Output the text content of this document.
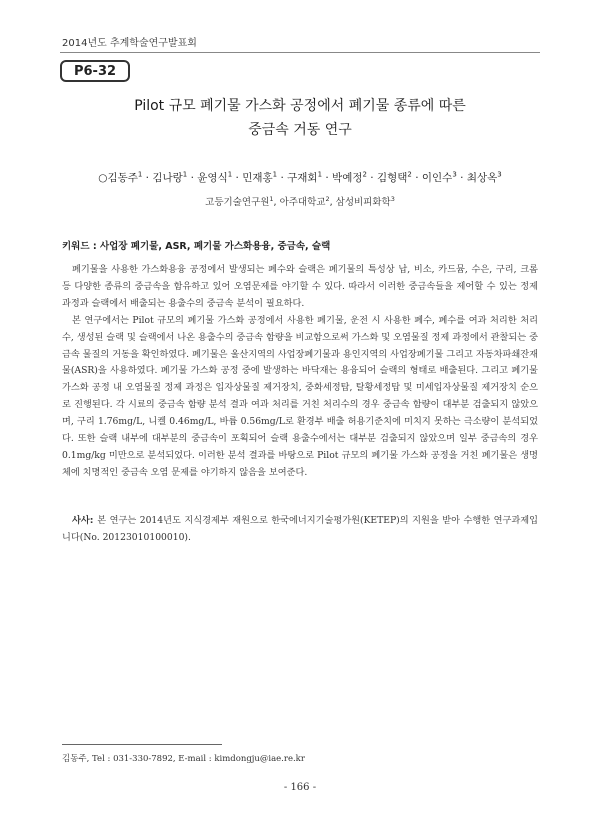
2014년도 추계학술연구발표회
P6-32
Pilot 규모 폐기물 가스화 공정에서 폐기물 종류에 따른
중금속 거동 연구
○김동주$^1$ · 김나랑$^1$ · 윤영식$^1$ · 민재홍$^1$ · 구재회$^1$ · 박예정$^2$ · 김형택$^2$ · 이인수$^3$ · 최상옥$^3$
고등기술연구원$^1$, 아주대학교$^2$, 삼성비피화학$^3$
키워드 : 사업장 폐기물, ASR, 폐기물 가스화용융, 중금속, 슬랙

폐기물을 사용한 가스화용융 공정에서 발생되는 폐수와 슬랙은 폐기물의 특성상 납, 비소, 카드뮴, 수은, 구리, 크롬 등 다양한 종류의 중금속을 함유하고 있어 오염문제를 야기할 수 있다. 따라서 이러한 중금속들을 제어할 수 있는 정제 과정과 슬랙에서 배출되는 용출수의 중금속 분석이 필요하다.

본 연구에서는 Pilot 규모의 폐기물 가스화 공정에서 사용한 폐기물, 운전 시 사용한 폐수, 폐수를 여과 처리한 처리수, 생성된 슬랙 및 슬랙에서 나온 용출수의 중금속 함량을 비교함으로써 가스화 및 오염물질 정제 과정에서 관찰되는 중금속 물질의 거동을 확인하였다. 폐기물은 울산지역의 사업장폐기물과 용인지역의 사업장폐기물 그리고 자동차파쇄잔재물(ASR)을 사용하였다. 폐기물 가스화 공정 중에 발생하는 바닥재는 용융되어 슬랙의 형태로 배출된다. 그리고 폐기물 가스화 공정 내 오염물질 정제 과정은 입자상물질 제거장치, 중화세정탑, 탈황세정탑 및 미세입자상물질 제거장치 순으로 진행된다. 각 시료의 중금속 함량 분석 결과 여과 처리를 거친 처리수의 경우 중금속 함량이 대부분 검출되지 않았으며, 구리 1.76mg/L, 니켈 0.46mg/L, 바륨 0.56mg/L로 환경부 배출 허용기준치에 미치지 못하는 극소량이 분석되었다. 또한 슬랙 내부에 대부분의 중금속이 포획되어 슬랙 용출수에서는 대부분 검출되지 않았으며 일부 중금속의 경우 0.1mg/kg 미만으로 분석되었다. 이러한 분석 결과를 바탕으로 Pilot 규모의 폐기물 가스화 공정을 거친 폐기물은 생명체에 치명적인 중금속 오염 문제를 야기하지 않음을 보여준다.

사사: 본 연구는 2014년도 지식경제부 재원으로 한국에너지기술평가원(KETEP)의 지원을 받아 수행한 연구과제입니다(No. 20123010100010).
김동주, Tel : 031-330-7892, E-mail : kimdongju@iae.re.kr
- 166 -
